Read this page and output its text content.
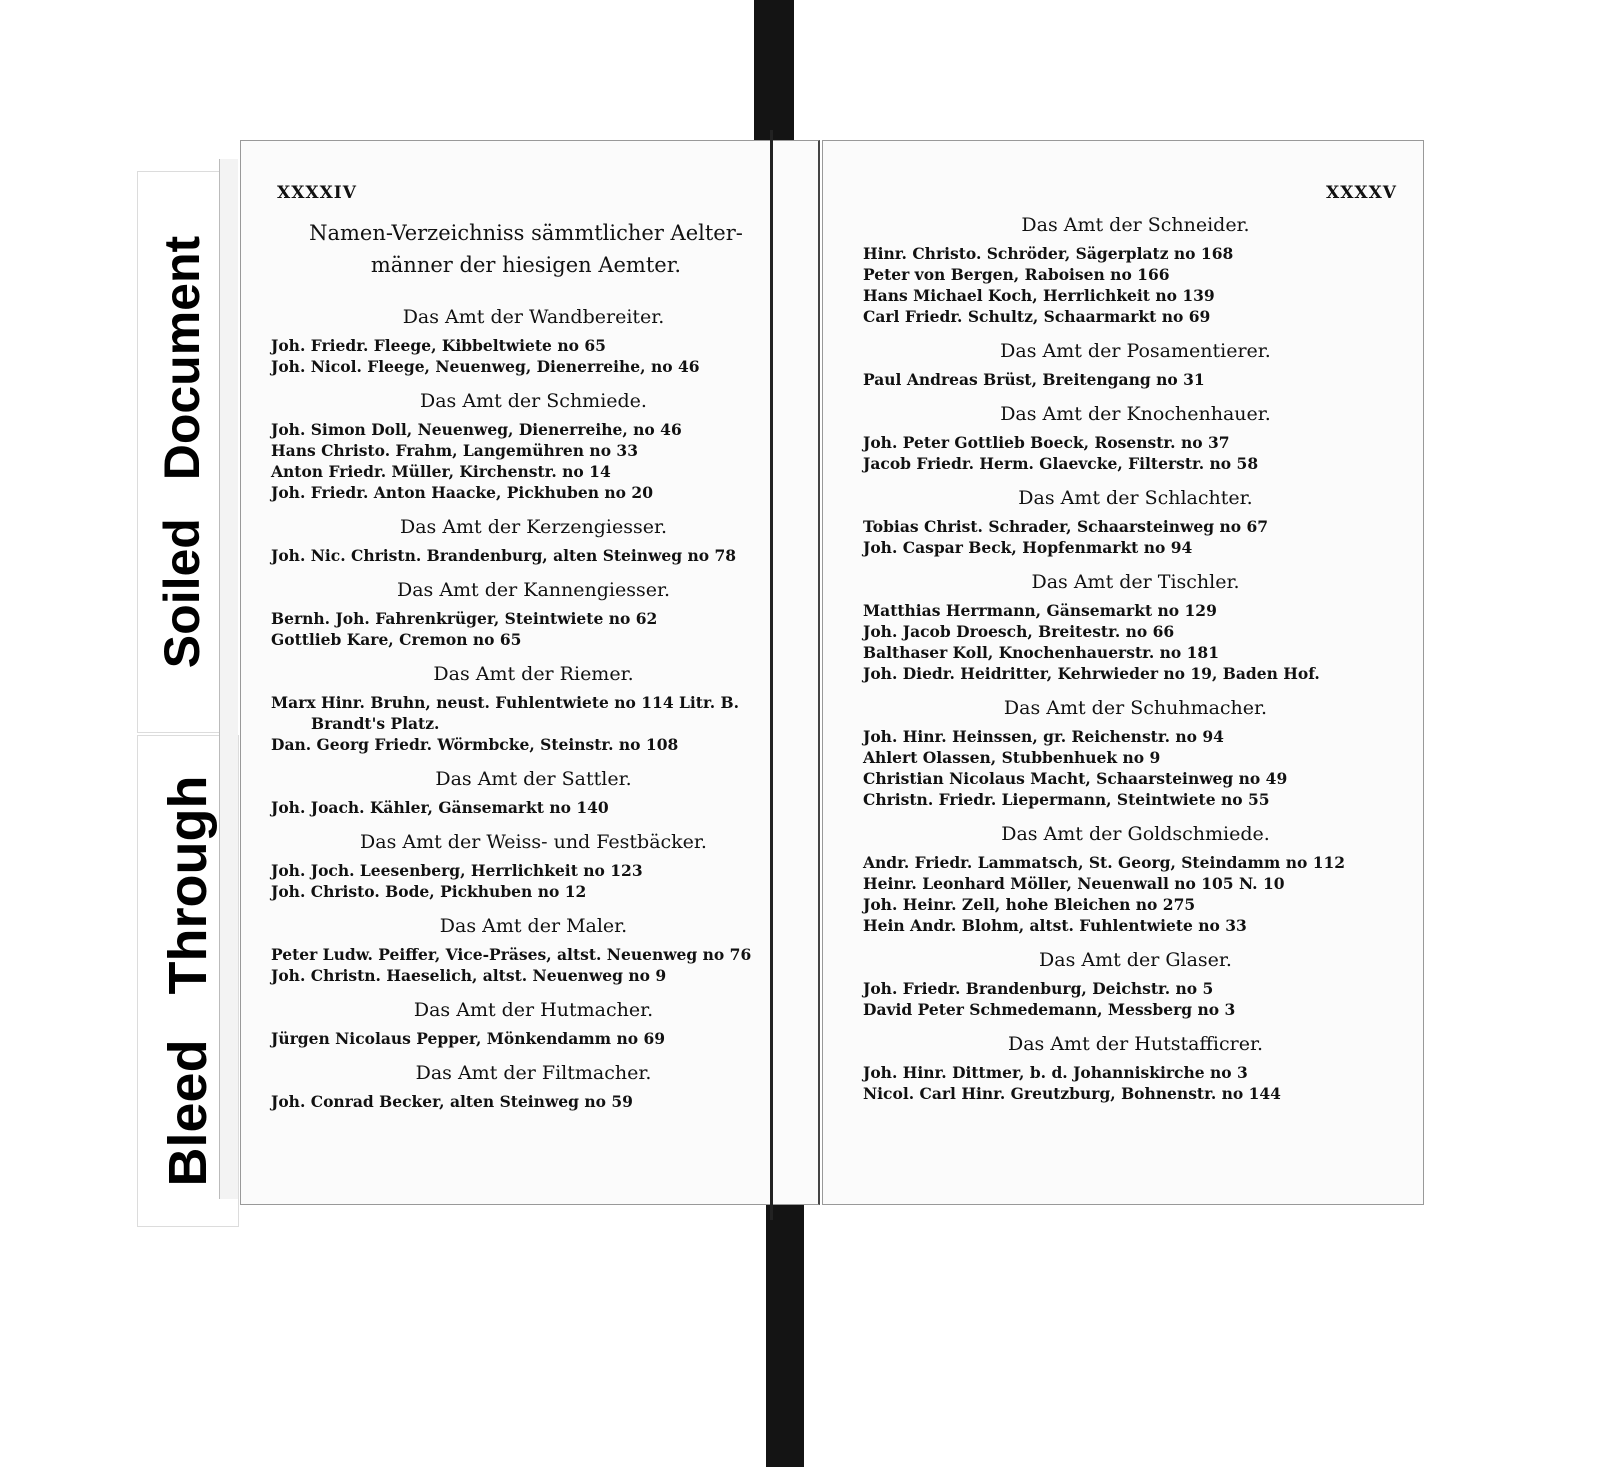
Soiled Document
Bleed Through
XXXXIV
Namen-Verzeichniss sämmtlicher Aelter-
männer der hiesigen Aemter.
Das Amt der Wandbereiter.
Joh. Friedr. Fleege, Kibbeltwiete no 65
Joh. Nicol. Fleege, Neuenweg, Dienerreihe, no 46
Das Amt der Schmiede.
Joh. Simon Doll, Neuenweg, Dienerreihe, no 46
Hans Christo. Frahm, Langemühren no 33
Anton Friedr. Müller, Kirchenstr. no 14
Joh. Friedr. Anton Haacke, Pickhuben no 20
Das Amt der Kerzengiesser.
Joh. Nic. Christn. Brandenburg, alten Steinweg no 78
Das Amt der Kannengiesser.
Bernh. Joh. Fahrenkrüger, Steintwiete no 62
Gottlieb Kare, Cremon no 65
Das Amt der Riemer.
Marx Hinr. Bruhn, neust. Fuhlentwiete no 114 Litr. B.
Brandt's Platz.
Dan. Georg Friedr. Wörmbcke, Steinstr. no 108
Das Amt der Sattler.
Joh. Joach. Kähler, Gänsemarkt no 140
Das Amt der Weiss- und Festbäcker.
Joh. Joch. Leesenberg, Herrlichkeit no 123
Joh. Christo. Bode, Pickhuben no 12
Das Amt der Maler.
Peter Ludw. Peiffer, Vice-Präses, altst. Neuenweg no 76
Joh. Christn. Haeselich, altst. Neuenweg no 9
Das Amt der Hutmacher.
Jürgen Nicolaus Pepper, Mönkendamm no 69
Das Amt der Filtmacher.
Joh. Conrad Becker, alten Steinweg no 59
XXXXV
Das Amt der Schneider.
Hinr. Christo. Schröder, Sägerplatz no 168
Peter von Bergen, Raboisen no 166
Hans Michael Koch, Herrlichkeit no 139
Carl Friedr. Schultz, Schaarmarkt no 69
Das Amt der Posamentierer.
Paul Andreas Brüst, Breitengang no 31
Das Amt der Knochenhauer.
Joh. Peter Gottlieb Boeck, Rosenstr. no 37
Jacob Friedr. Herm. Glaevcke, Filterstr. no 58
Das Amt der Schlachter.
Tobias Christ. Schrader, Schaarsteinweg no 67
Joh. Caspar Beck, Hopfenmarkt no 94
Das Amt der Tischler.
Matthias Herrmann, Gänsemarkt no 129
Joh. Jacob Droesch, Breitestr. no 66
Balthaser Koll, Knochenhauerstr. no 181
Joh. Diedr. Heidritter, Kehrwieder no 19, Baden Hof.
Das Amt der Schuhmacher.
Joh. Hinr. Heinssen, gr. Reichenstr. no 94
Ahlert Olassen, Stubbenhuek no 9
Christian Nicolaus Macht, Schaarsteinweg no 49
Christn. Friedr. Liepermann, Steintwiete no 55
Das Amt der Goldschmiede.
Andr. Friedr. Lammatsch, St. Georg, Steindamm no 112
Heinr. Leonhard Möller, Neuenwall no 105 N. 10
Joh. Heinr. Zell, hohe Bleichen no 275
Hein Andr. Blohm, altst. Fuhlentwiete no 33
Das Amt der Glaser.
Joh. Friedr. Brandenburg, Deichstr. no 5
David Peter Schmedemann, Messberg no 3
Das Amt der Hutstafficrer.
Joh. Hinr. Dittmer, b. d. Johanniskirche no 3
Nicol. Carl Hinr. Greutzburg, Bohnenstr. no 144
